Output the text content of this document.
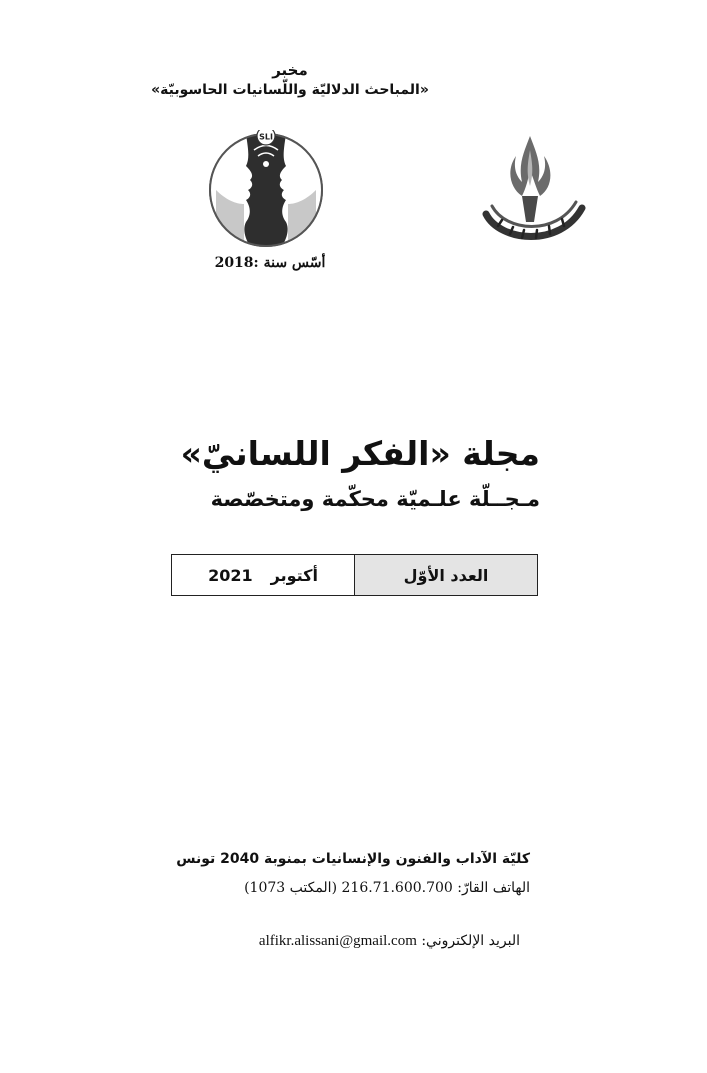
مخبر
«المباحث الدلاليّة واللّسانيات الحاسوبيّة»
SLI
أسّس سنة :2018
مجلة «الفكر اللسانيّ»
مـجــلّة علـميّة محكّمة ومتخصّصة
أكتوبر
2021	العدد الأوّل
كليّة الآداب والفنون والإنسانيات بمنوبة 2040 تونس
الهاتف القارّ: 216.71.600.700 (المكتب 1073)
البريد الإلكتروني: alfikr.alissani@gmail.com
